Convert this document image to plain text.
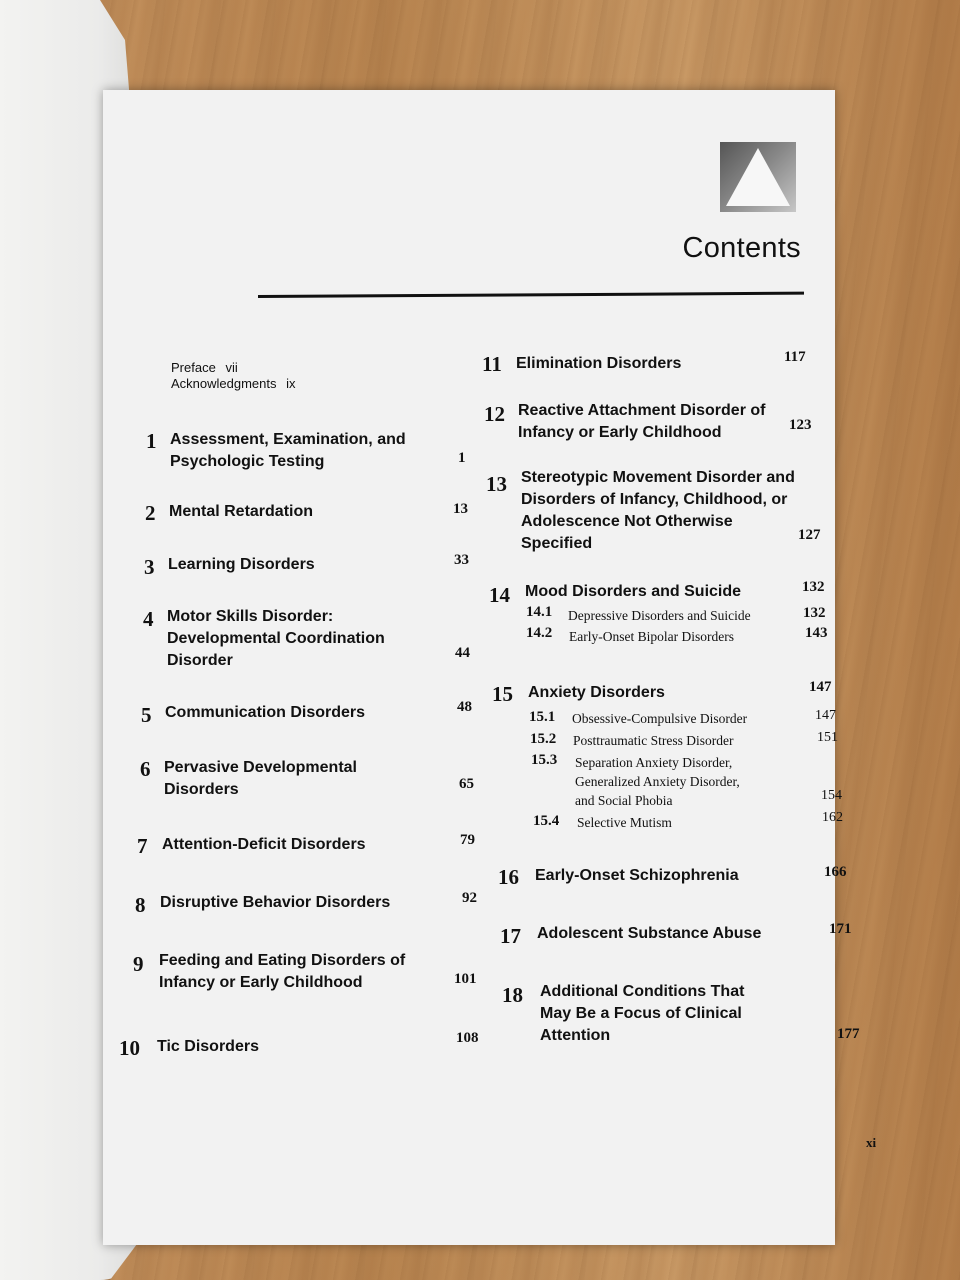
Contents
Preface vii
Acknowledgments ix
1 Assessment, Examination, and
Psychologic Testing	1
2 Mental Retardation	13
3 Learning Disorders	33
4 Motor Skills Disorder:
Developmental Coordination
Disorder	44
5 Communication Disorders	48
6 Pervasive Developmental
Disorders	65
7 Attention-Deficit Disorders	79
8 Disruptive Behavior Disorders	92
9 Feeding and Eating Disorders of
Infancy or Early Childhood	101
10 Tic Disorders	108
11 Elimination Disorders	117
12 Reactive Attachment Disorder of
Infancy or Early Childhood	123
13 Stereotypic Movement Disorder and
Disorders of Infancy, Childhood, or
Adolescence Not Otherwise
Specified	127
14 Mood Disorders and Suicide	132
14.1 Depressive Disorders and Suicide	132
14.2 Early-Onset Bipolar Disorders	143
15 Anxiety Disorders	147
15.1 Obsessive-Compulsive Disorder	147
15.2 Posttraumatic Stress Disorder	151
15.3 Separation Anxiety Disorder,
Generalized Anxiety Disorder,
and Social Phobia	154
15.4 Selective Mutism	162
16 Early-Onset Schizophrenia	166
17 Adolescent Substance Abuse	171
18 Additional Conditions That
May Be a Focus of Clinical
Attention	177
xi
